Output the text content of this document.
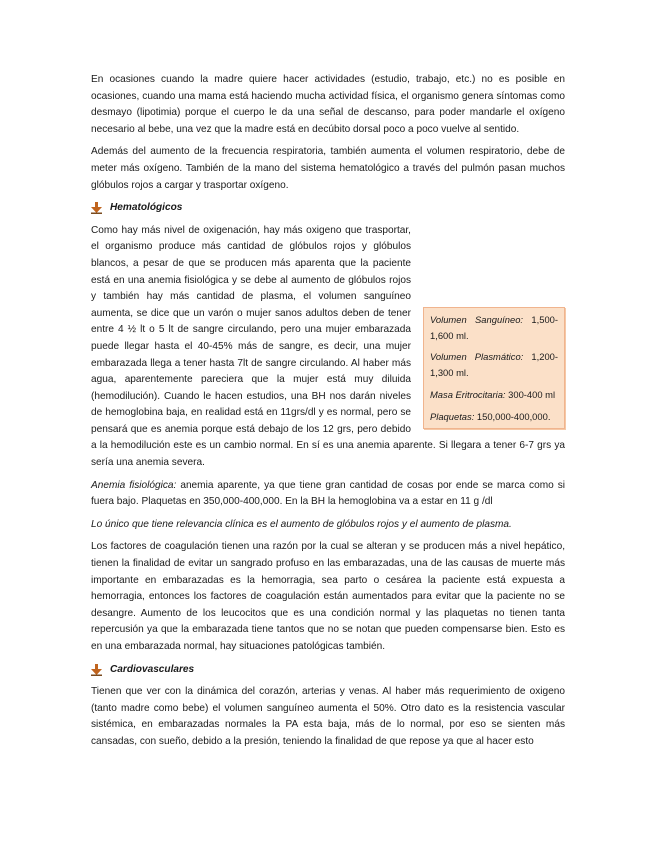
En ocasiones cuando la madre quiere hacer actividades (estudio, trabajo, etc.) no es posible en ocasiones, cuando una mama está haciendo mucha actividad física, el organismo genera síntomas como desmayo (lipotimia) porque el cuerpo le da una señal de descanso, para poder mandarle el oxígeno necesario al bebe, una vez que la madre está en decúbito dorsal poco a poco vuelve al sentido.

Además del aumento de la frecuencia respiratoria, también aumenta el volumen respiratorio, debe de meter más oxígeno. También de la mano del sistema hematológico a través del pulmón pasan muchos glóbulos rojos a cargar y trasportar oxígeno.

Hematológicos
Volumen Sanguíneo: 1,500-1,600 ml.
Volumen Plasmático: 1,200-1,300 ml.
Masa Eritrocitaria: 300-400 ml
Plaquetas: 150,000-400,000.

Como hay más nivel de oxigenación, hay más oxigeno que trasportar, el organismo produce más cantidad de glóbulos rojos y glóbulos blancos, a pesar de que se producen más aparenta que la paciente está en una anemia fisiológica y se debe al aumento de glóbulos rojos y también hay más cantidad de plasma, el volumen sanguíneo aumenta, se dice que un varón o mujer sanos adultos deben de tener entre 4 ½ lt o 5 lt de sangre circulando, pero una mujer embarazada puede llegar hasta el 40-45% más de sangre, es decir, una mujer embarazada llega a tener hasta 7lt de sangre circulando. Al haber más agua, aparentemente pareciera que la mujer está muy diluida (hemodilución). Cuando le hacen estudios, una BH nos darán niveles de hemoglobina baja, en realidad está en 11grs/dl y es normal, pero se pensará que es anemia porque está debajo de los 12 grs, pero debido a la hemodilución este es un cambio normal. En sí es una anemia aparente. Si llegara a tener 6-7 grs ya sería una anemia severa.

Anemia fisiológica: anemia aparente, ya que tiene gran cantidad de cosas por ende se marca como si fuera bajo. Plaquetas en 350,000-400,000. En la BH la hemoglobina va a estar en 11 g /dl

Lo único que tiene relevancia clínica es el aumento de glóbulos rojos y el aumento de plasma.

Los factores de coagulación tienen una razón por la cual se alteran y se producen más a nivel hepático, tienen la finalidad de evitar un sangrado profuso en las embarazadas, una de las causas de muerte más importante en embarazadas es la hemorragia, sea parto o cesárea la paciente está expuesta a hemorragia, entonces los factores de coagulación están aumentados para evitar que la paciente no se desangre. Aumento de los leucocitos que es una condición normal y las plaquetas no tienen tanta repercusión ya que la embarazada tiene tantos que no se notan que pueden compensarse bien. Esto es en una embarazada normal, hay situaciones patológicas también.

Cardiovasculares

Tienen que ver con la dinámica del corazón, arterias y venas. Al haber más requerimiento de oxigeno (tanto madre como bebe) el volumen sanguíneo aumenta el 50%. Otro dato es la resistencia vascular sistémica, en embarazadas normales la PA esta baja, más de lo normal, por eso se sienten más cansadas, con sueño, debido a la presión, teniendo la finalidad de que repose ya que al hacer esto
